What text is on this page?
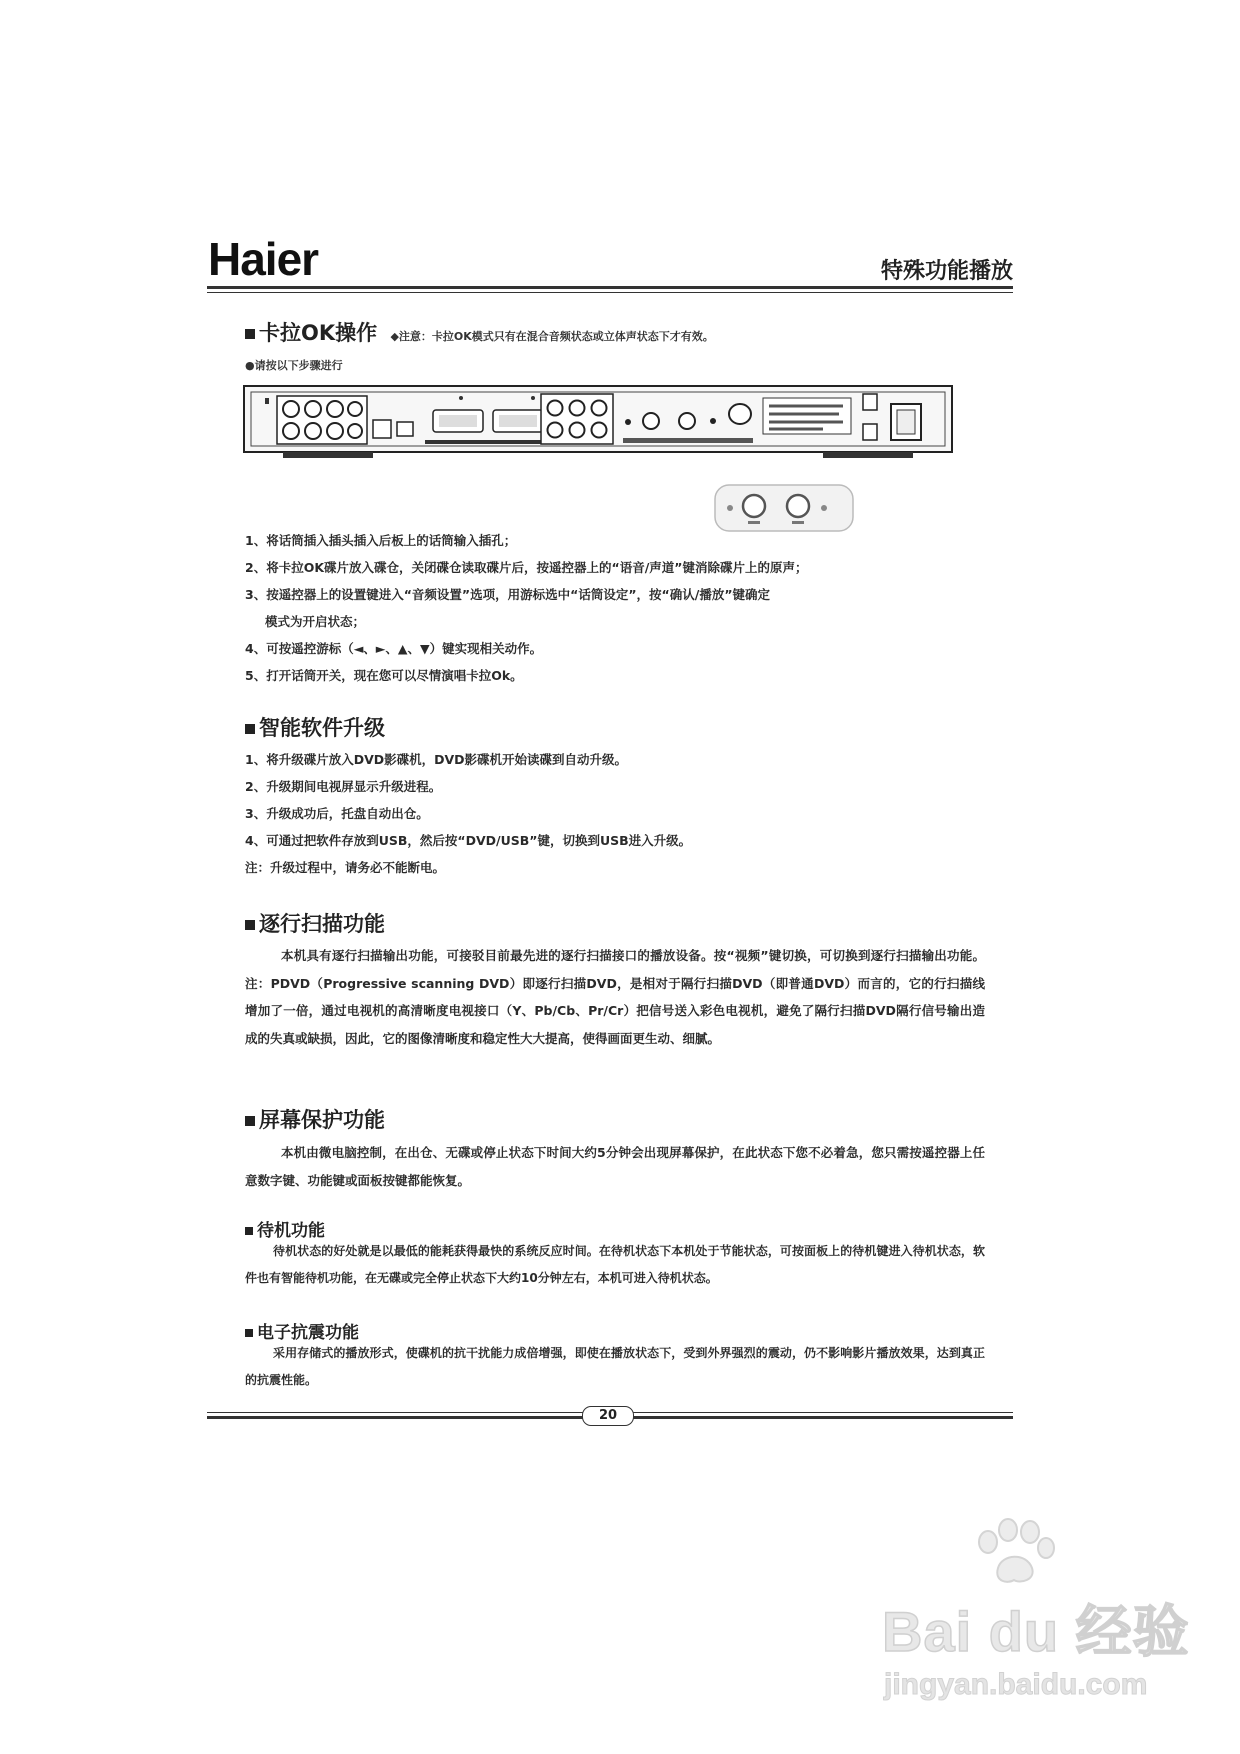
Haier	特殊功能播放
卡拉OK操作 ◆注意：卡拉OK模式只有在混合音频状态或立体声状态下才有效。
●请按以下步骤进行
1、将话筒插入插头插入后板上的话筒输入插孔；
2、将卡拉OK碟片放入碟仓，关闭碟仓读取碟片后，按遥控器上的“语音/声道”键消除碟片上的原声；
3、按遥控器上的设置键进入“音频设置”选项，用游标选中“话筒设定”，按“确认/播放”键确定
模式为开启状态；
4、可按遥控游标（◄、►、▲、▼）键实现相关动作。
5、打开话筒开关，现在您可以尽情演唱卡拉Ok。
智能软件升级
1、将升级碟片放入DVD影碟机，DVD影碟机开始读碟到自动升级。
2、升级期间电视屏显示升级进程。
3、升级成功后，托盘自动出仓。
4、可通过把软件存放到USB，然后按“DVD/USB”键，切换到USB进入升级。
注：升级过程中，请务必不能断电。
逐行扫描功能
本机具有逐行扫描输出功能，可接驳目前最先进的逐行扫描接口的播放设备。按“视频”键切换，可切换到逐行扫描输出功能。注：PDVD（Progressive scanning DVD）即逐行扫描DVD，是相对于隔行扫描DVD（即普通DVD）而言的，它的行扫描线增加了一倍，通过电视机的高清晰度电视接口（Y、Pb/Cb、Pr/Cr）把信号送入彩色电视机，避免了隔行扫描DVD隔行信号输出造成的失真或缺损，因此，它的图像清晰度和稳定性大大提高，使得画面更生动、细腻。
屏幕保护功能
本机由微电脑控制，在出仓、无碟或停止状态下时间大约5分钟会出现屏幕保护，在此状态下您不必着急，您只需按遥控器上任意数字键、功能键或面板按键都能恢复。
待机功能
待机状态的好处就是以最低的能耗获得最快的系统反应时间。在待机状态下本机处于节能状态，可按面板上的待机键进入待机状态，软件也有智能待机功能，在无碟或完全停止状态下大约10分钟左右，本机可进入待机状态。
电子抗震功能
采用存储式的播放形式，使碟机的抗干扰能力成倍增强，即使在播放状态下，受到外界强烈的震动，仍不影响影片播放效果，达到真正的抗震性能。
20
Bai du 经验
jingyan.baidu.com
